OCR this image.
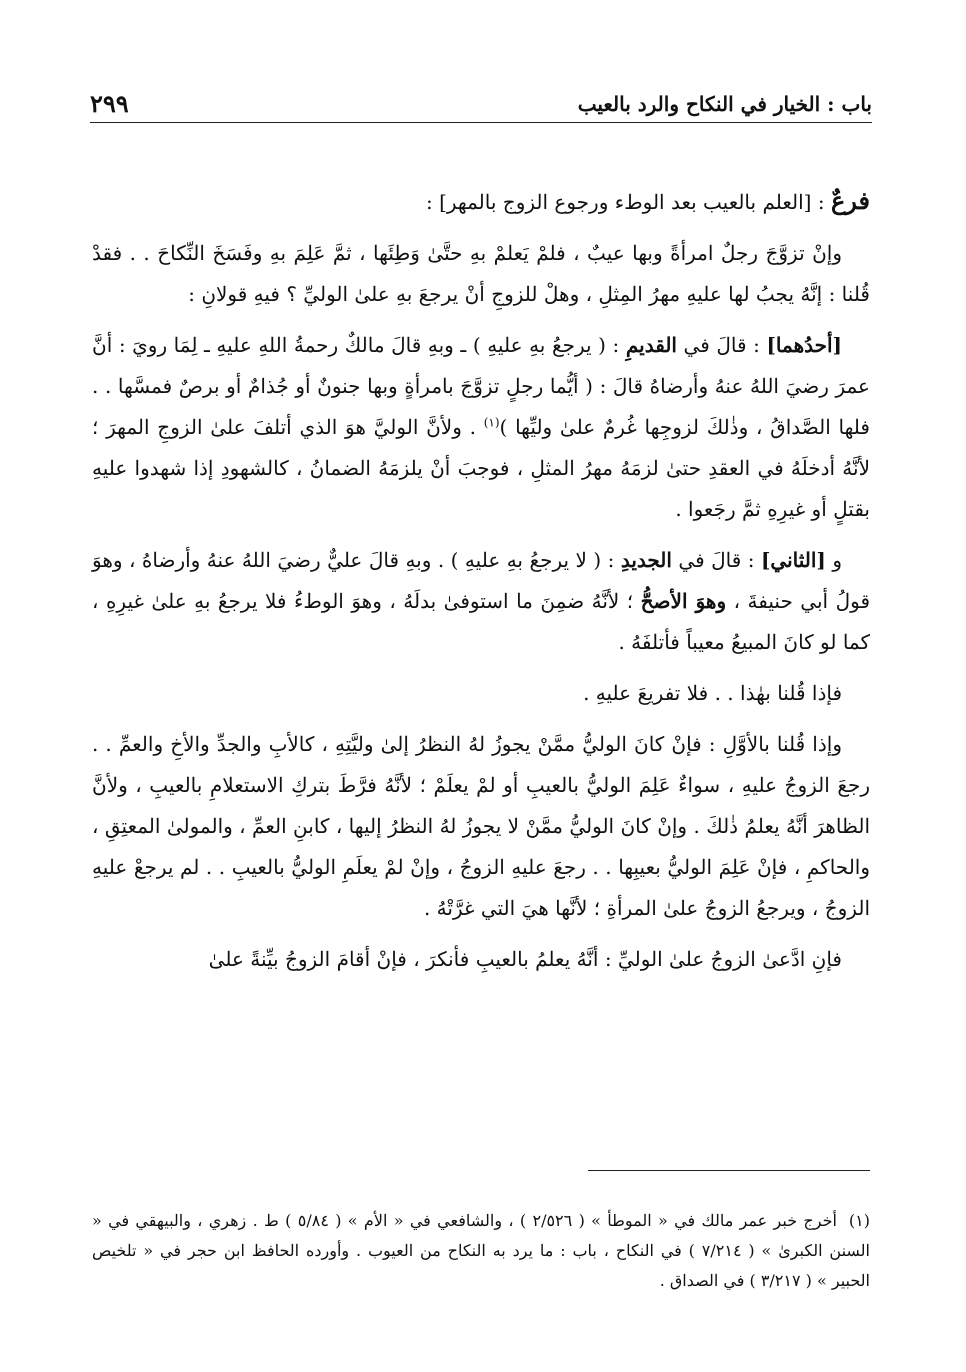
باب : الخيار في النكاح والرد بالعيب
٢٩٩

فرعٌ : [العلم بالعيب بعد الوطء ورجوع الزوج بالمهر] :

وإنْ تزوَّجَ رجلٌ امرأةً وبها عيبٌ ، فلمْ يَعلمْ بهِ حتَّىٰ وَطِئَها ، ثمَّ عَلِمَ بهِ وفَسَخَ النِّكاحَ . . فقدْ قُلنا : إنَّهُ يجبُ لها عليهِ مهرُ المِثلِ ، وهلْ للزوجِ أنْ يرجعَ بهِ علىٰ الوليِّ ؟ فيهِ قولانِ :

[أحدُهما] : قالَ في القديمِ : ( يرجعُ بهِ عليهِ ) ـ وبهِ قالَ مالكٌ رحمةُ اللهِ عليهِ ـ لِمَا رويَ : أنَّ عمرَ رضيَ اللهُ عنهُ وأرضاهُ قالَ : ( أيُّما رجلٍ تزوَّجَ بامرأةٍ وبها جنونٌ أو جُذامٌ أو برصٌ فمسَّها . . فلها الصَّداقُ ، وذٰلكَ لزوجِها غُرمٌ علىٰ وليِّها )$^{(١)}$ . ولأنَّ الوليَّ هوَ الذي أتلفَ علىٰ الزوجِ المهرَ ؛ لأنَّهُ أدخلَهُ في العقدِ حتىٰ لزمَهُ مهرُ المثلِ ، فوجبَ أنْ يلزمَهُ الضمانُ ، كالشهودِ إذا شهدوا عليهِ بقتلٍ أو غيرِهِ ثمَّ رجَعوا .

و [الثاني] : قالَ في الجديدِ : ( لا يرجعُ بهِ عليهِ ) . وبهِ قالَ عليٌّ رضيَ اللهُ عنهُ وأرضاهُ ، وهوَ قولُ أبي حنيفةَ ، وهوَ الأصحُّ ؛ لأنَّهُ ضمِنَ ما استوفىٰ بدلَهُ ، وهوَ الوطءُ فلا يرجعُ بهِ علىٰ غيرِهِ ، كما لو كانَ المبيعُ معيباً فأتلفَهُ .

فإذا قُلنا بهٰذا . . فلا تفريعَ عليهِ .

وإذا قُلنا بالأوَّلِ : فإنْ كانَ الوليُّ ممَّنْ يجوزُ لهُ النظرُ إلىٰ وليَّتِهِ ، كالأبِ والجدِّ والأخِ والعمِّ . . رجعَ الزوجُ عليهِ ، سواءٌ عَلِمَ الوليُّ بالعيبِ أو لمْ يعلَمْ ؛ لأنَّهُ فرَّطَ بتركِ الاستعلامِ بالعيبِ ، ولأنَّ الظاهرَ أنَّهُ يعلمُ ذٰلكَ . وإنْ كانَ الوليُّ ممَّنْ لا يجوزُ لهُ النظرُ إليها ، كابنِ العمِّ ، والمولىٰ المعتِقِ ، والحاكمِ ، فإنْ عَلِمَ الوليُّ بعيبِها . . رجعَ عليهِ الزوجُ ، وإنْ لمْ يعلَمِ الوليُّ بالعيبِ . . لم يرجعْ عليهِ الزوجُ ، ويرجعُ الزوجُ علىٰ المرأةِ ؛ لأنَّها هيَ التي غرَّتْهُ .

فإنِ ادَّعىٰ الزوجُ علىٰ الوليِّ : أنَّهُ يعلمُ بالعيبِ فأنكرَ ، فإنْ أقامَ الزوجُ بيِّنةً علىٰ

(١)أخرج خبر عمر مالك في « الموطأ » ( ٢/٥٢٦ ) ، والشافعي في « الأم » ( ٥/٨٤ ) ط . زهري ، والبيهقي في « السنن الكبرىٰ » ( ٧/٢١٤ ) في النكاح ، باب : ما يرد به النكاح من العيوب . وأورده الحافظ ابن حجر في « تلخيص الحبير » ( ٣/٢١٧ ) في الصداق .
